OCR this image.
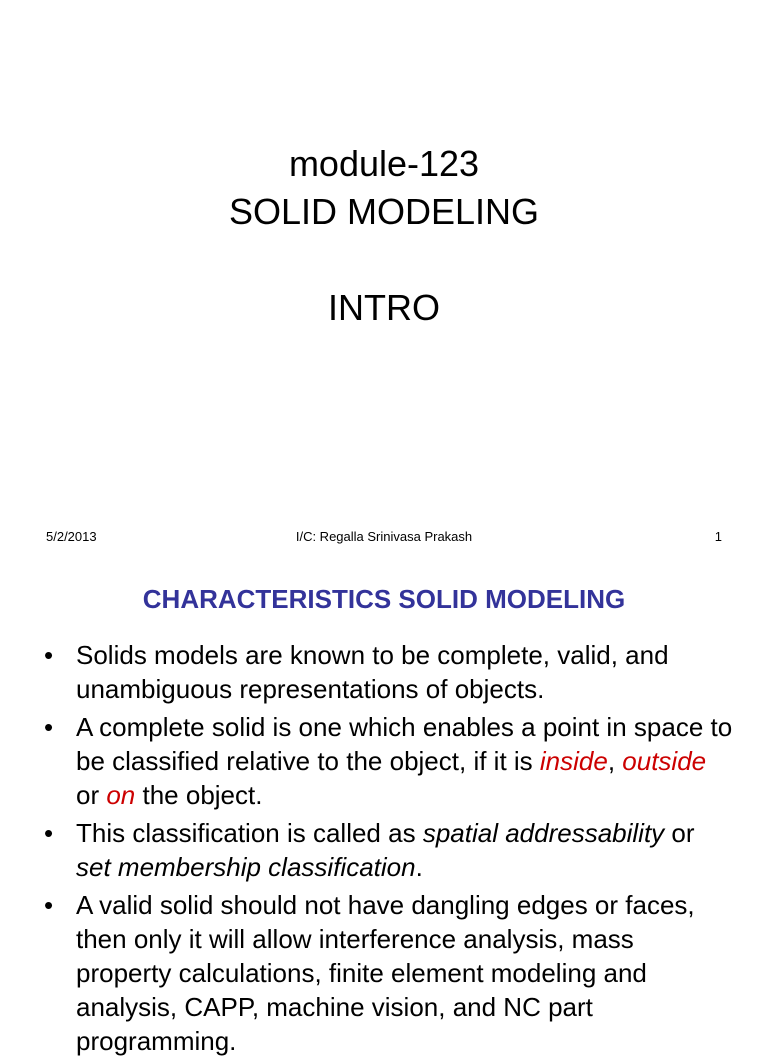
module-123
SOLID MODELING
INTRO
5/2/2013	I/C: Regalla Srinivasa Prakash	1
CHARACTERISTICS SOLID MODELING
• Solids models are known to be complete, valid, and unambiguous representations of objects.
• A complete solid is one which enables a point in space to be classified relative to the object, if it is inside, outside or on the object.
• This classification is called as spatial addressability or set membership classification.
• A valid solid should not have dangling edges or faces, then only it will allow interference analysis, mass property calculations, finite element modeling and analysis, CAPP, machine vision, and NC part programming.
